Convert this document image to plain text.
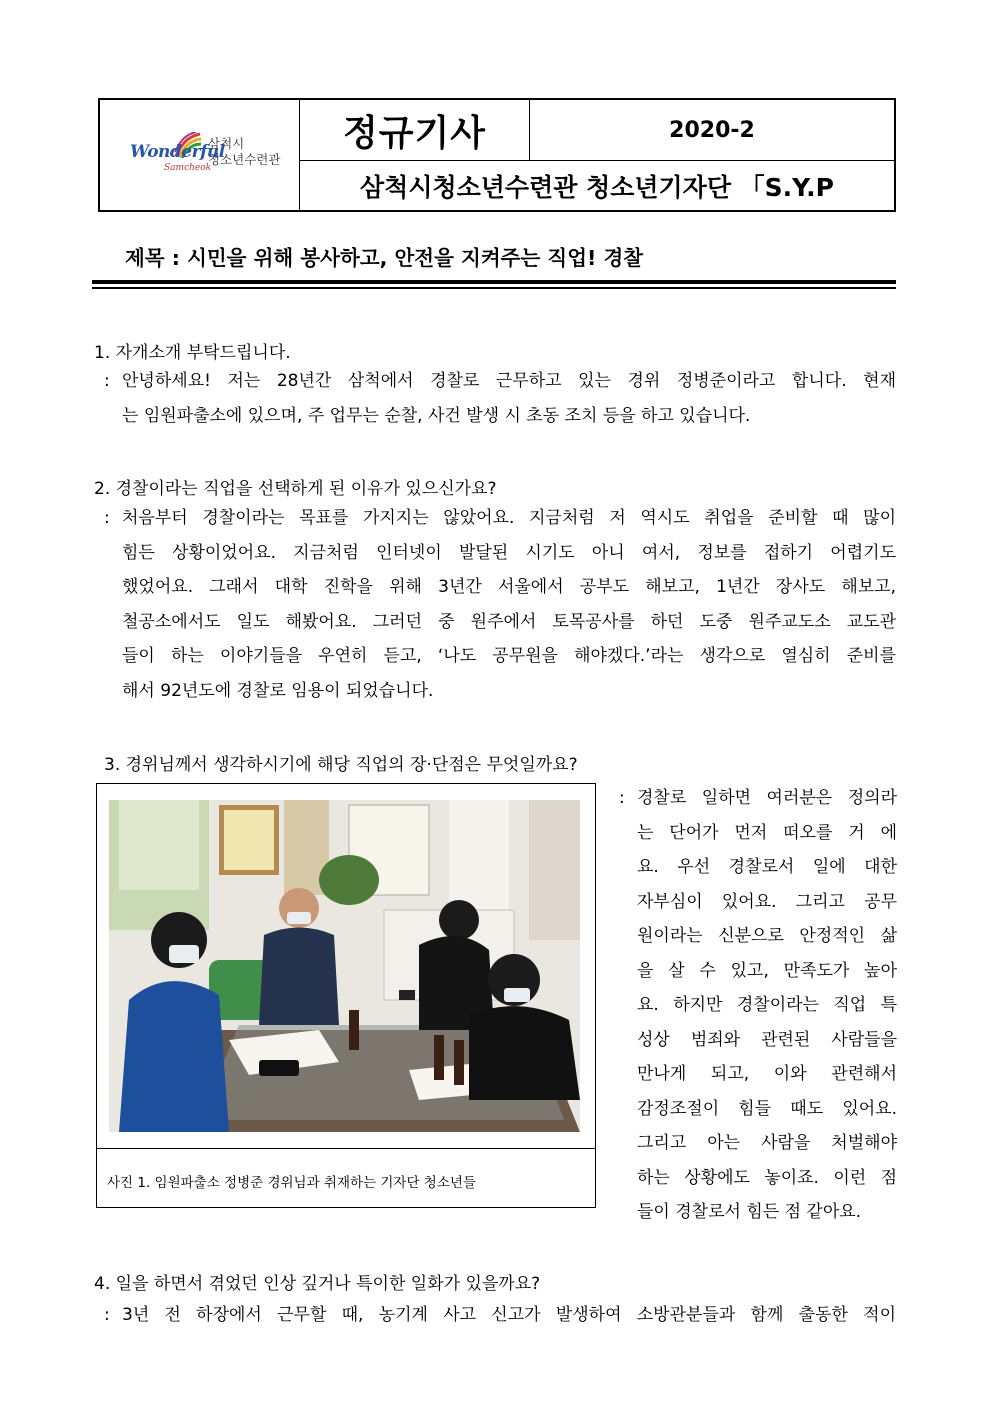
Wonderful
Samcheok
삼척시
청소년수련관
정규기사	2020-2
삼척시청소년수련관 청소년기자단 「S.Y.P
제목 : 시민을 위해 봉사하고, 안전을 지켜주는 직업! 경찰
1. 자개소개 부탁드립니다.
: 안녕하세요! 저는 28년간 삼척에서 경찰로 근무하고 있는 경위 정병준이라고 합니다. 현재
는 임원파출소에 있으며, 주 업무는 순찰, 사건 발생 시 초동 조치 등을 하고 있습니다.
2. 경찰이라는 직업을 선택하게 된 이유가 있으신가요?
: 처음부터 경찰이라는 목표를 가지지는 않았어요. 지금처럼 저 역시도 취업을 준비할 때 많이
힘든 상황이었어요. 지금처럼 인터넷이 발달된 시기도 아니 여서, 정보를 접하기 어렵기도
했었어요. 그래서 대학 진학을 위해 3년간 서울에서 공부도 해보고, 1년간 장사도 해보고,
철공소에서도 일도 해봤어요. 그러던 중 원주에서 토목공사를 하던 도중 원주교도소 교도관
들이 하는 이야기들을 우연히 듣고, ‘나도 공무원을 해야겠다.’라는 생각으로 열심히 준비를
해서 92년도에 경찰로 임용이 되었습니다.
3. 경위님께서 생각하시기에 해당 직업의 장·단점은 무엇일까요?
사진 1. 임원파출소 정병준 경위님과 취재하는 기자단 청소년들
: 경찰로 일하면 여러분은 정의라
는 단어가 먼저 떠오를 거 에
요. 우선 경찰로서 일에 대한
자부심이 있어요. 그리고 공무
원이라는 신분으로 안정적인 삶
을 살 수 있고, 만족도가 높아
요. 하지만 경찰이라는 직업 특
성상 범죄와 관련된 사람들을
만나게 되고, 이와 관련해서
감정조절이 힘들 때도 있어요.
그리고 아는 사람을 처벌해야
하는 상황에도 놓이죠. 이런 점
들이 경찰로서 힘든 점 같아요.
4. 일을 하면서 겪었던 인상 깊거나 특이한 일화가 있을까요?
: 3년 전 하장에서 근무할 때, 농기계 사고 신고가 발생하여 소방관분들과 함께 출동한 적이
